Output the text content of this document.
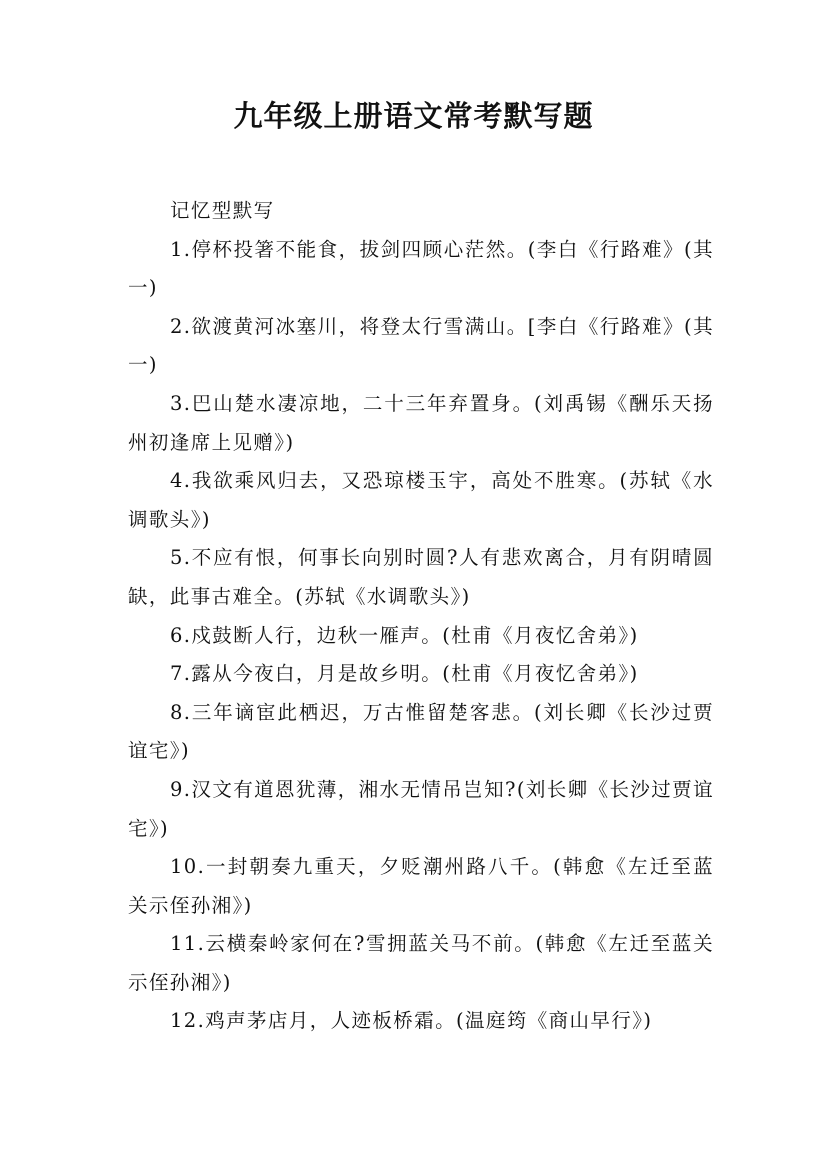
九年级上册语文常考默写题

记忆型默写

1.停杯投箸不能食，拔剑四顾心茫然。(李白《行路难》(其一)

2.欲渡黄河冰塞川，将登太行雪满山。[李白《行路难》(其一)

3.巴山楚水凄凉地，二十三年弃置身。(刘禹锡《酬乐天扬州初逢席上见赠》)

4.我欲乘风归去，又恐琼楼玉宇，高处不胜寒。(苏轼《水调歌头》)

5.不应有恨，何事长向别时圆?人有悲欢离合，月有阴晴圆缺，此事古难全。(苏轼《水调歌头》)

6.戍鼓断人行，边秋一雁声。(杜甫《月夜忆舍弟》)

7.露从今夜白，月是故乡明。(杜甫《月夜忆舍弟》)

8.三年谪宦此栖迟，万古惟留楚客悲。(刘长卿《长沙过贾谊宅》)

9.汉文有道恩犹薄，湘水无情吊岂知?(刘长卿《长沙过贾谊宅》)

10.一封朝奏九重天，夕贬潮州路八千。(韩愈《左迁至蓝关示侄孙湘》)

11.云横秦岭家何在?雪拥蓝关马不前。(韩愈《左迁至蓝关示侄孙湘》)

12.鸡声茅店月，人迹板桥霜。(温庭筠《商山早行》)
